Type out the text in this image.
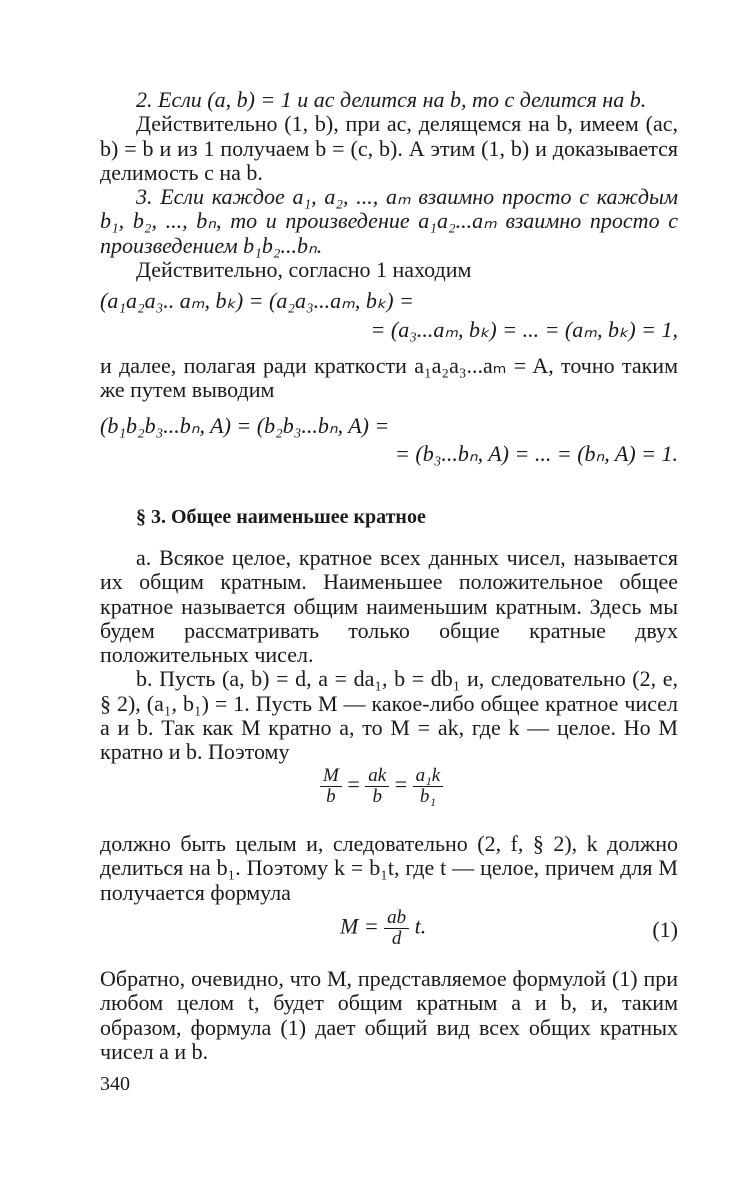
2. Если (a, b) = 1 и ac делится на b, то c делится на b.

Действительно (1, b), при ac, делящемся на b, имеем (ac, b) = b и из 1 получаем b = (c, b). А этим (1, b) и доказывается делимость c на b.

3. Если каждое a₁, a₂, ..., aₘ взаимно просто с каждым b₁, b₂, ..., bₙ, то и произведение a₁a₂...aₘ взаимно просто с произведением b₁b₂...bₙ.

Действительно, согласно 1 находим

(a₁a₂a₃.. aₘ, bₖ) = (a₂a₃...aₘ, bₖ) =
= (a₃...aₘ, bₖ) = ... = (aₘ, bₖ) = 1,

и далее, полагая ради краткости a₁a₂a₃...aₘ = A, точно таким же путем выводим

(b₁b₂b₃...bₙ, A) = (b₂b₃...bₙ, A) =
= (b₃...bₙ, A) = ... = (bₙ, A) = 1.
§ 3. Общее наименьшее кратное

a. Всякое целое, кратное всех данных чисел, называется их общим кратным. Наименьшее положительное общее кратное называется общим наименьшим кратным. Здесь мы будем рассматривать только общие кратные двух положительных чисел.

b. Пусть (a, b) = d, a = da₁, b = db₁ и, следовательно (2, e, § 2), (a₁, b₁) = 1. Пусть M — какое-либо общее кратное чисел a и b. Так как M кратно a, то M = ak, где k — целое. Но M кратно и b. Поэтому

$\frac{M}{b} = \frac{ak}{b} = \frac{\text{a₁k}}{\text{b₁}}$

должно быть целым и, следовательно (2, f, § 2), k должно делиться на b₁. Поэтому k = b₁t, где t — целое, причем для M получается формула

$M = \frac{ab}{d} t$.	(1)

Обратно, очевидно, что M, представляемое формулой (1) при любом целом t, будет общим кратным a и b, и, таким образом, формула (1) дает общий вид всех общих кратных чисел a и b.

340
